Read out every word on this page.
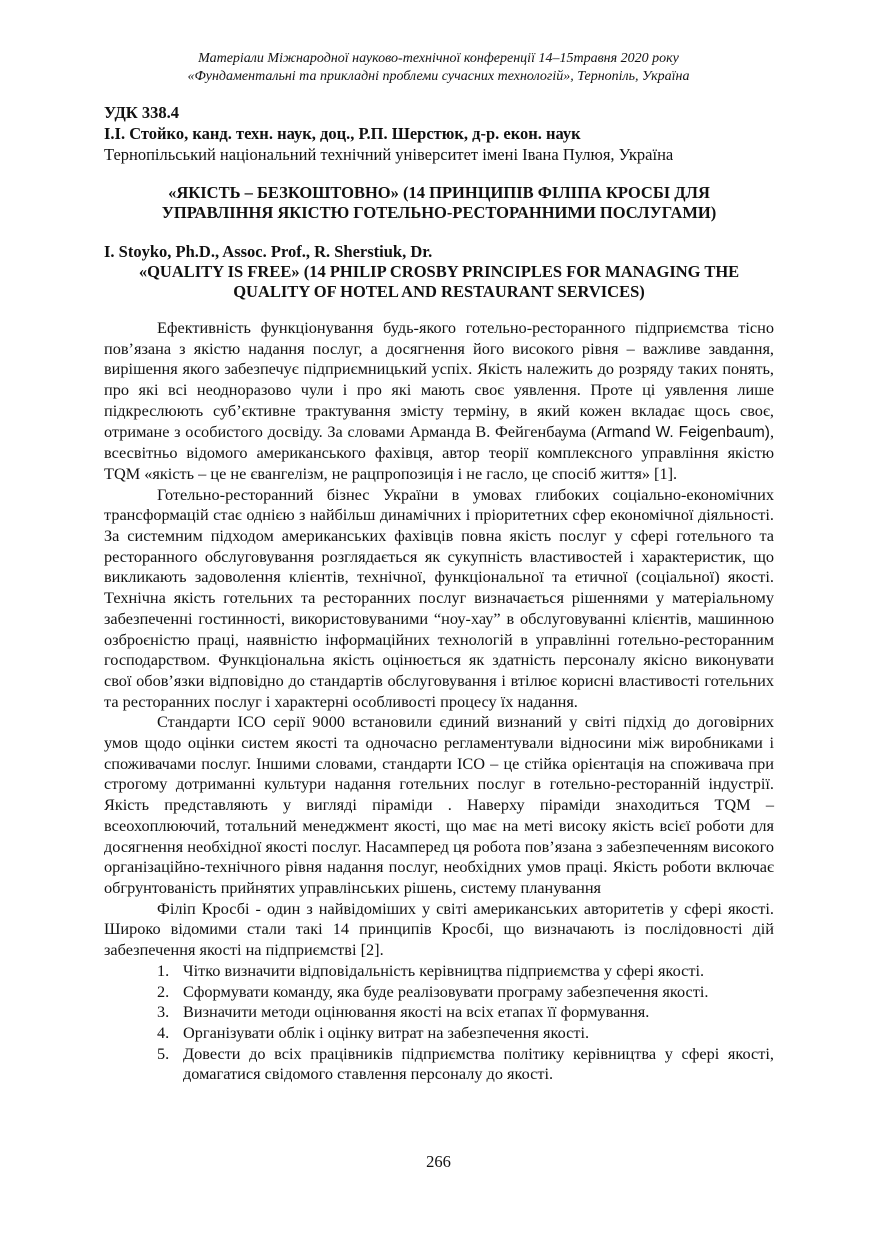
Матеріали Міжнародної науково-технічної конференції 14–15травня 2020 року
«Фундаментальні та прикладні проблеми сучасних технологій», Тернопіль, Україна
УДК 338.4
І.І. Стойко, канд. техн. наук, доц., Р.П. Шерстюк, д-р. екон. наук
Тернопільський національний технічний університет імені Івана Пулюя, Україна
«ЯКІСТЬ – БЕЗКОШТОВНО» (14 ПРИНЦИПІВ ФІЛІПА КРОСБІ ДЛЯ
УПРАВЛІННЯ ЯКІСТЮ ГОТЕЛЬНО-РЕСТОРАННИМИ ПОСЛУГАМИ)
I. Stoyko, Ph.D., Assoc. Prof., R. Sherstiuk, Dr.
«QUALITY IS FREE» (14 PHILIP CROSBY PRINCIPLES FOR MANAGING THE
QUALITY OF HOTEL AND RESTAURANT SERVICES)

Ефективність функціонування будь-якого готельно-ресторанного підприємства тісно пов’язана з якістю надання послуг, а досягнення його високого рівня – важливе завдання, вирішення якого забезпечує підприємницький успіх. Якість належить до розряду таких понять, про які всі неодноразово чули і про які мають своє уявлення. Проте ці уявлення лише підкреслюють суб’єктивне трактування змісту терміну, в який кожен вкладає щось своє, отримане з особистого досвіду. За словами Арманда В. Фейгенбаума (Armand W. Feigenbaum), всесвітньо відомого американського фахівця, автор теорії комплексного управління якістю TQM «якість – це не євангелізм, не рацпропозиція і не гасло, це спосіб життя» [1].

Готельно-ресторанний бізнес України в умовах глибоких соціально-економічних трансформацій стає однією з найбільш динамічних і пріоритетних сфер економічної діяльності. За системним підходом американських фахівців повна якість послуг у сфері готельного та ресторанного обслуговування розглядається як сукупність властивостей і характеристик, що викликають задоволення клієнтів, технічної, функціональної та етичної (соціальної) якості. Технічна якість готельних та ресторанних послуг визначається рішеннями у матеріальному забезпеченні гостинності, використовуваними “ноу-хау” в обслуговуванні клієнтів, машинною озброєністю праці, наявністю інформаційних технологій в управлінні готельно-ресторанним господарством. Функціональна якість оцінюється як здатність персоналу якісно виконувати свої обов’язки відповідно до стандартів обслуговування і втілює корисні властивості готельних та ресторанних послуг і характерні особливості процесу їх надання.

Стандарти ІСО серії 9000 встановили єдиний визнаний у світі підхід до договірних умов щодо оцінки систем якості та одночасно регламентували відносини між виробниками і споживачами послуг. Іншими словами, стандарти ІСО – це стійка орієнтація на споживача при строгому дотриманні культури надання готельних послуг в готельно-ресторанній індустрії. Якість представляють у вигляді піраміди . Наверху піраміди знаходиться TQM – всеохоплюючий, тотальний менеджмент якості, що має на меті високу якість всієї роботи для досягнення необхідної якості послуг. Насамперед ця робота пов’язана з забезпеченням високого організаційно-технічного рівня надання послуг, необхідних умов праці. Якість роботи включає обгрунтованість прийнятих управлінських рішень, систему планування

Філіп Кросбі - один з найвідоміших у світі американських авторитетів у сфері якості. Широко відомими стали такі 14 принципів Кросбі, що визначають із послідовності дій забезпечення якості на підприємстві [2].

1. Чітко визначити відповідальність керівництва підприємства у сфері якості.
2. Сформувати команду, яка буде реалізовувати програму забезпечення якості.
3. Визначити методи оцінювання якості на всіх етапах її формування.
4. Організувати облік і оцінку витрат на забезпечення якості.
5. Довести до всіх працівників підприємства політику керівництва у сфері якості, домагатися свідомого ставлення персоналу до якості.
266
